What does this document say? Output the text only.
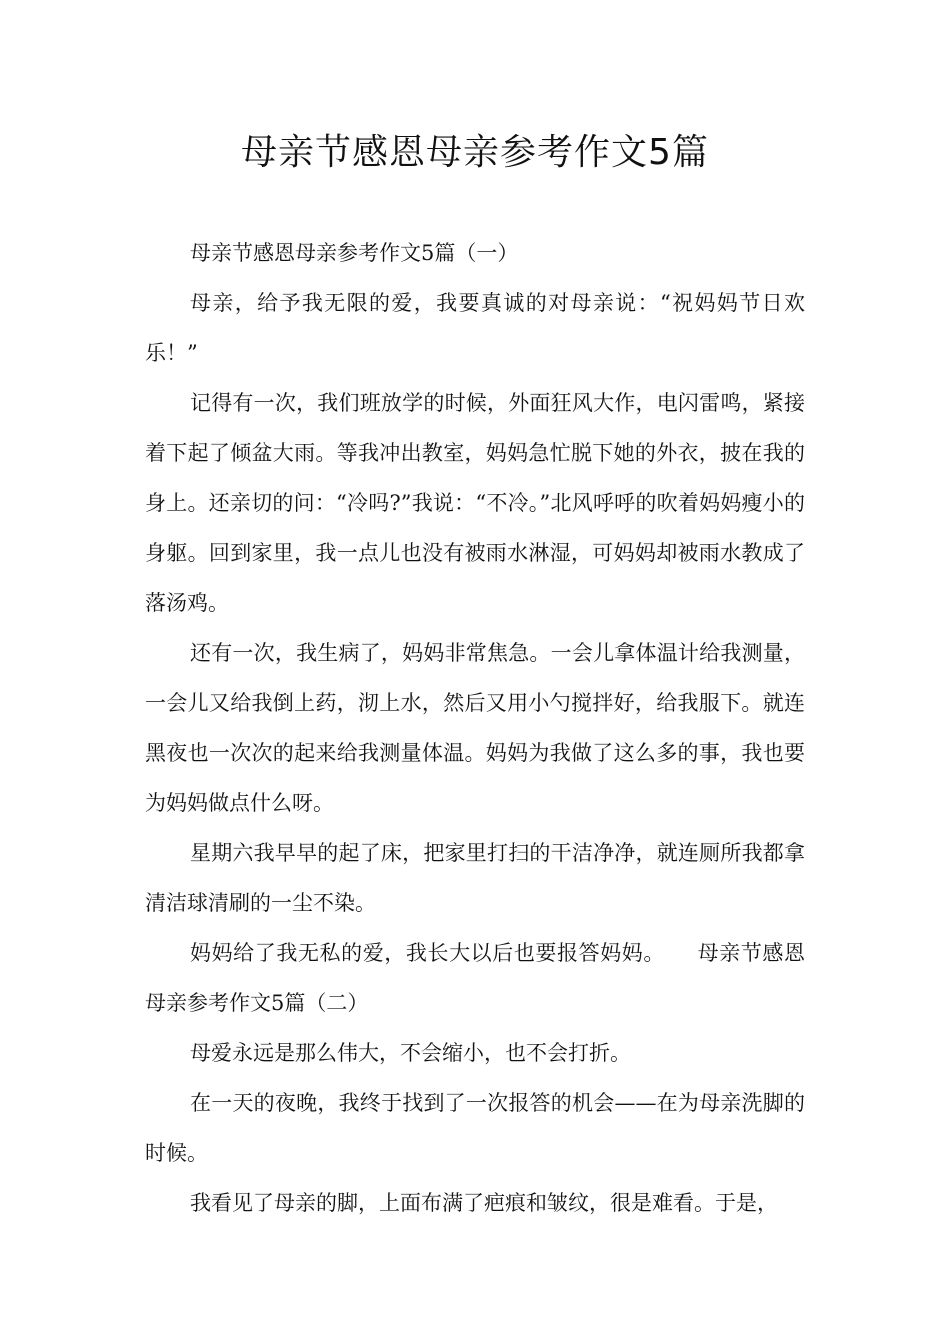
母亲节感恩母亲参考作文5篇

母亲节感恩母亲参考作文5篇（一）

母亲，给予我无限的爱，我要真诚的对母亲说：“祝妈妈节日欢乐！”

记得有一次，我们班放学的时候，外面狂风大作，电闪雷鸣，紧接着下起了倾盆大雨。等我冲出教室，妈妈急忙脱下她的外衣，披在我的身上。还亲切的问：“冷吗?”我说：“不冷。”北风呼呼的吹着妈妈瘦小的身躯。回到家里，我一点儿也没有被雨水淋湿，可妈妈却被雨水教成了落汤鸡。

还有一次，我生病了，妈妈非常焦急。一会儿拿体温计给我测量，一会儿又给我倒上药，沏上水，然后又用小勺搅拌好，给我服下。就连黑夜也一次次的起来给我测量体温。妈妈为我做了这么多的事，我也要为妈妈做点什么呀。

星期六我早早的起了床，把家里打扫的干洁净净，就连厕所我都拿清洁球清刷的一尘不染。

妈妈给了我无私的爱，我长大以后也要报答妈妈。　　母亲节感恩母亲参考作文5篇（二）

母爱永远是那么伟大，不会缩小，也不会打折。

在一天的夜晚，我终于找到了一次报答的机会——在为母亲洗脚的时候。

我看见了母亲的脚，上面布满了疤痕和皱纹，很是难看。于是，
